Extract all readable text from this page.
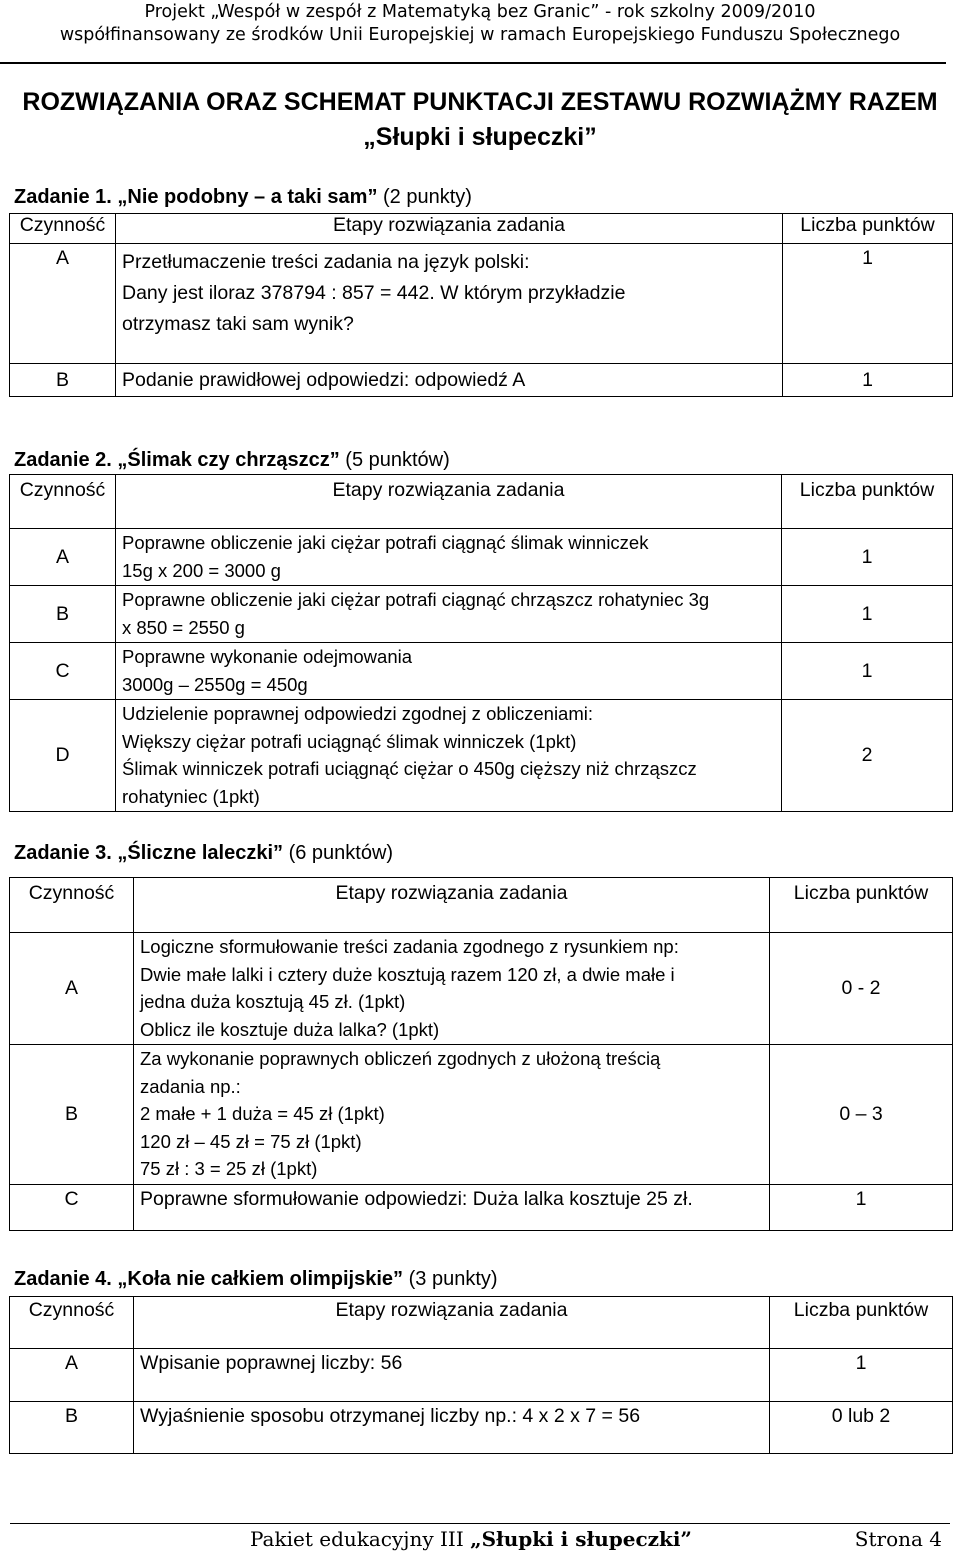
Projekt „Wespół w zespół z Matematyką bez Granic” - rok szkolny 2009/2010
współfinansowany ze środków Unii Europejskiej w ramach Europejskiego Funduszu Społecznego
ROZWIĄZANIA ORAZ SCHEMAT PUNKTACJI ZESTAWU ROZWIĄŻMY RAZEM
„Słupki i słupeczki”
Zadanie 1. „Nie podobny – a taki sam” (2 punkty)
Czynność	Etapy rozwiązania zadania	Liczba punktów
A	Przetłumaczenie treści zadania na język polski:
Dany jest iloraz 378794 : 857 = 442. W którym przykładzie
otrzymasz taki sam wynik?	1
B	Podanie prawidłowej odpowiedzi: odpowiedź A	1
Zadanie 2. „Ślimak czy chrząszcz” (5 punktów)
Czynność	Etapy rozwiązania zadania	Liczba punktów
A	Poprawne obliczenie jaki ciężar potrafi ciągnąć ślimak winniczek
15g x 200 = 3000 g	1
B	Poprawne obliczenie jaki ciężar potrafi ciągnąć chrząszcz rohatyniec 3g
x 850 = 2550 g	1
C	Poprawne wykonanie odejmowania
3000g – 2550g = 450g	1
D	Udzielenie poprawnej odpowiedzi zgodnej z obliczeniami:
Większy ciężar potrafi uciągnąć ślimak winniczek (1pkt)
Ślimak winniczek potrafi uciągnąć ciężar o 450g cięższy niż chrząszcz
rohatyniec (1pkt)	2
Zadanie 3. „Śliczne laleczki” (6 punktów)
Czynność	Etapy rozwiązania zadania	Liczba punktów
A	Logiczne sformułowanie treści zadania zgodnego z rysunkiem np:
Dwie małe lalki i cztery duże kosztują razem 120 zł, a dwie małe i
jedna duża kosztują 45 zł. (1pkt)
Oblicz ile kosztuje duża lalka? (1pkt)	0 - 2
B	Za wykonanie poprawnych obliczeń zgodnych z ułożoną treścią
zadania np.:
2 małe + 1 duża = 45 zł (1pkt)
120 zł – 45 zł = 75 zł (1pkt)
75 zł : 3 = 25 zł (1pkt)	0 – 3
C	Poprawne sformułowanie odpowiedzi: Duża lalka kosztuje 25 zł.	1
Zadanie 4. „Koła nie całkiem olimpijskie” (3 punkty)
Czynność	Etapy rozwiązania zadania	Liczba punktów
A	Wpisanie poprawnej liczby: 56	1
B	Wyjaśnienie sposobu otrzymanej liczby np.: 4 x 2 x 7 = 56	0 lub 2
Pakiet edukacyjny III „Słupki i słupeczki”	Strona 4
